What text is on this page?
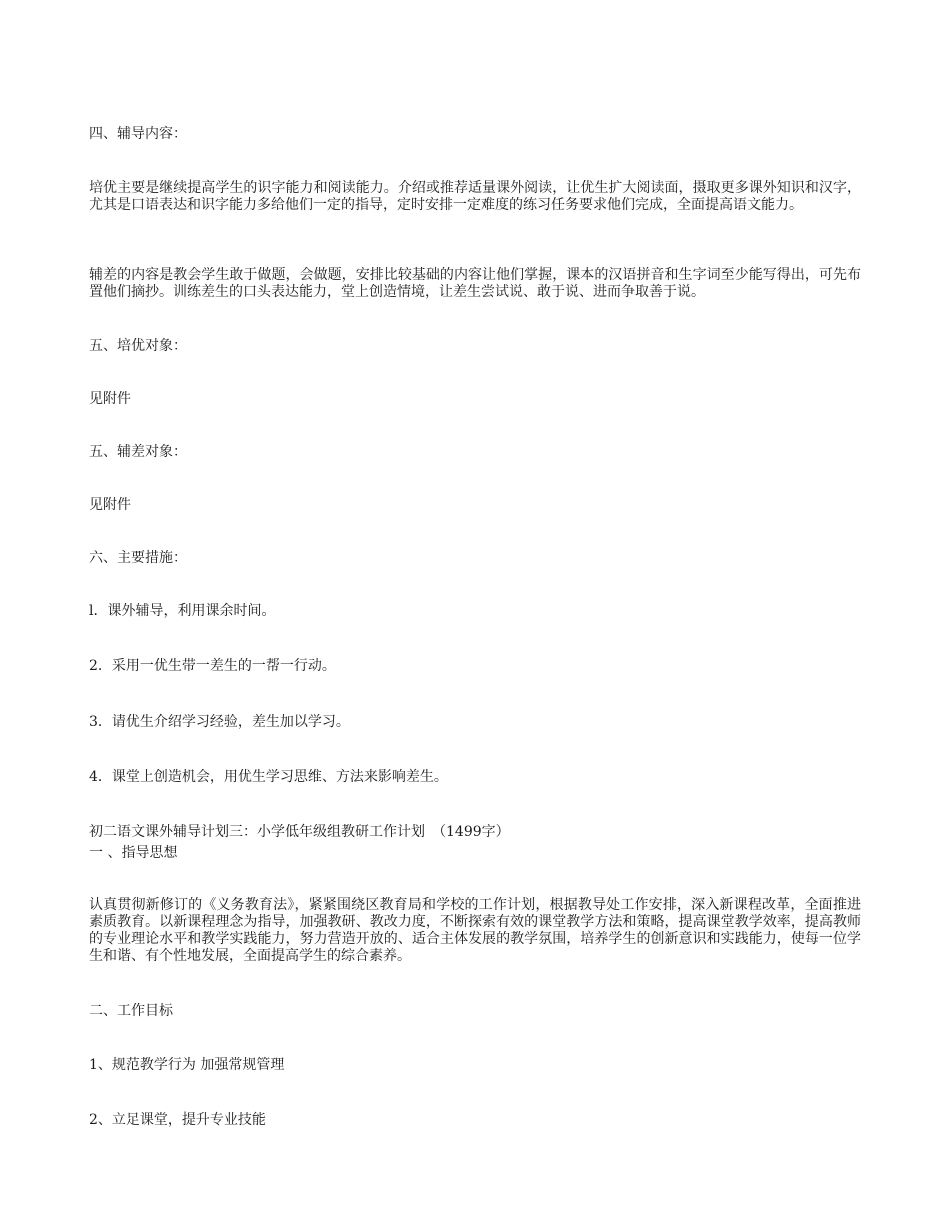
四、辅导内容：

培优主要是继续提高学生的识字能力和阅读能力。介绍或推荐适量课外阅读，让优生扩大阅读面，摄取更多课外知识和汉字，尤其是口语表达和识字能力多给他们一定的指导，定时安排一定难度的练习任务要求他们完成，全面提高语文能力。

辅差的内容是教会学生敢于做题，会做题，安排比较基础的内容让他们掌握，课本的汉语拼音和生字词至少能写得出，可先布置他们摘抄。训练差生的口头表达能力，堂上创造情境，让差生尝试说、敢于说、进而争取善于说。

五、培优对象：

见附件

五、辅差对象：

见附件

六、主要措施：

l．课外辅导，利用课余时间。

2．采用一优生带一差生的一帮一行动。

3．请优生介绍学习经验，差生加以学习。

4．课堂上创造机会，用优生学习思维、方法来影响差生。

初二语文课外辅导计划三：小学低年级组教研工作计划　（1499字）

一 、指导思想

认真贯彻新修订的《义务教育法》，紧紧围绕区教育局和学校的工作计划，根据教导处工作安排，深入新课程改革，全面推进素质教育。以新课程理念为指导，加强教研、教改力度，不断探索有效的课堂教学方法和策略，提高课堂教学效率，提高教师的专业理论水平和教学实践能力，努力营造开放的、适合主体发展的教学氛围，培养学生的创新意识和实践能力，使每一位学生和谐、有个性地发展，全面提高学生的综合素养。

二、工作目标

1、规范教学行为 加强常规管理

2、立足课堂，提升专业技能
